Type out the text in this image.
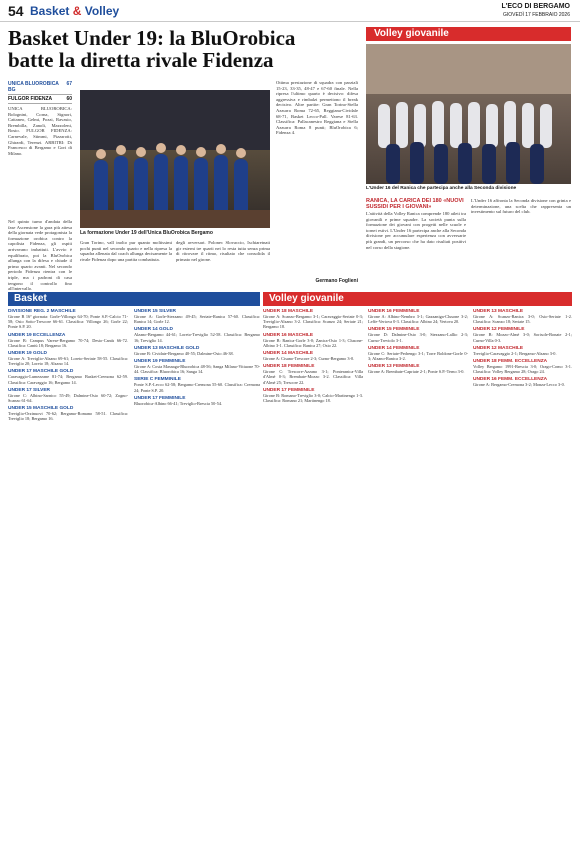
54 Basket & Volley	L'ECO DI BERGAMO
GIOVEDÌ 17 FEBBRAIO 2026
Basket Under 19: la BluOrobica
batte la diretta rivale Fidenza
UNICA BLUOROBICA BG
67
FULGOR FIDENZA	60
UNICA BLUOROBICA: Bolognini, Corna, Signori, Cattaneo, Gelmi, Pozzi, Ravasio, Brembilla, Zanoli, Mazzoleni, Bosio. FULGOR FIDENZA: Carnevale, Stimmi, Pizzarotti, Ghirardi, Terenzi. ARBITRI: Di Francesco di Bergamo e Gori di Milano.
Nel quinto turno d'andata della fase Ascensione la gara più attesa della giornata vede protagonista la formazione orobica contro la capolista Fidenza, gli ospiti arrivavano imbattuti. L'avvio è equilibrato, poi la BluOrobica allunga con la difesa e chiude il primo quarto avanti. Nel secondo periodo Fidenza rientra con le triple, ma i padroni di casa tengono il controllo fino all'intervallo.
La formazione Under 19 dell'Unica BluOrobica Bergamo
Gran Torino, vall inolto pur quanto moltissimi pochi punti nel secondo quarto e nella ripresa la squadra allenata dal coach allunga decisamente la rivale Fidenza dopo una partita combattuta.
degli avversari. Polonec Slovaccio, Ischiaretnati gir esterni tre quarti nei lo resta tutta senza prima di ritrovare il ritmo, risultato che consolida il primato nel girone.
Ottima prestazione di squadra con parziali 15-23, 33-35, 48-47 e 67-60 finale. Nella ripresa l'ultimo quarto è decisivo: difesa aggressiva e rimbalzi permettono il break decisivo. Altre partite: Gran Torino-Stella Azzurra Roma 72-65, Reggiana-Cividale 68-71, Basket Lecco-Pall. Varese 81-63. Classifica: Pallacanestro Reggiana e Stella Azzurra Roma 8 punti; BluOrobica 6; Fidenza 4.
Germano Foglieni
Volley giovanile
L'Under 16 del Ranica che partecipa anche alla Seconda divisione
RANICA, LA CARICA DEI 180 «NUOVI SUSSIDI PER I GIOVANI»
L'attività della Volley Ranica comprende 180 atleti tra giovanili e prime squadre. La società punta sulla formazione dei giovani con progetti nelle scuole e tornei estivi. L'Under 16 partecipa anche alla Seconda divisione per accumulare esperienza con avversarie più grandi, un percorso che ha dato risultati positivi nel corso della stagione.
L'Under 16 affronta la Seconda divisione con grinta e determinazione, una scelta che rappresenta un investimento sul futuro del club.
Basket	Volley giovanile
DIVISIONE REG. 2 MASCHILE
Girone B 16ª giornata: Gorle-Villongo 64-70; Ponte S.P.-Calcio 71-58; Osio Sotto-Trescore 66-61. Classifica: Villongo 26; Gorle 22; Ponte S.P. 20.
UNDER 19 ECCELLENZA
Girone B: Campus Varese-Bergamo 70-74; Desio-Cantù 66-72. Classifica: Cantù 18; Bergamo 16.
UNDER 19 GOLD
Girone A: Treviglio-Alzano 69-61; Loreto-Seriate 58-55. Classifica: Treviglio 20; Loreto 18; Alzano 14.
UNDER 17 MASCHILE GOLD
Caravaggio-Lumezzane 81-74; Bergamo Basket-Cremona 62-59. Classifica: Caravaggio 16; Bergamo 14.
UNDER 17 SILVER
Girone C: Albino-Sarnico 55-49; Dalmine-Osio 60-72; Zogno-Scanzo 61-64.
UNDER 15 MASCHILE GOLD
Treviglio-Orzinuovi 70-62; Bergamo-Romano 58-51. Classifica: Treviglio 18; Bergamo 16.
UNDER 15 SILVER
Girone A: Gorle-Stezzano 49-45; Seriate-Ranica 57-60. Classifica: Ranica 14; Gorle 12.
UNDER 14 GOLD
Alzano-Bergamo 44-61; Loreto-Treviglio 52-58. Classifica: Bergamo 16; Treviglio 14.
UNDER 13 MASCHILE GOLD
Girone B: Cividate-Bergamo 40-55; Dalmine-Osio 46-38.
UNDER 19 FEMMINILE
Girone A: Costa Masnaga-Bluorobica 48-56; Sanga Milano-Vittuone 70-44. Classifica: Bluorobica 16; Sanga 14.
SERIE C FEMMINILE
Ponte S.P.-Lecco 62-58; Bergamo-Cremona 55-60. Classifica: Cremona 24; Ponte S.P. 20.
UNDER 17 FEMMINILE
Bluorobica-Albino 66-41; Treviglio-Brescia 50-54.
UNDER 18 MASCHILE
Girone A: Scanzo-Bergamo 3-1; Caravaggio-Seriate 0-3; Treviglio-Alzano 3-2. Classifica: Scanzo 24; Seriate 21; Bergamo 18.
UNDER 16 MASCHILE
Girone B: Ranica-Gorle 3-0; Zanica-Osio 1-3; Clusone-Albino 3-1. Classifica: Ranica 27; Osio 22.
UNDER 14 MASCHILE
Girone A: Cisano-Trescore 2-3; Curno-Bergamo 3-0.
UNDER 18 FEMMINILE
Girone C: Trescore-Azzano 3-1; Ponteranica-Villa d'Almè 0-3; Brembate-Mozzo 3-2. Classifica: Villa d'Almè 25; Trescore 22.
UNDER 17 FEMMINILE
Girone B: Romano-Treviglio 3-0; Calcio-Martinengo 1-3. Classifica: Romano 21; Martinengo 18.
UNDER 16 FEMMINILE
Girone A: Albino-Nembro 3-1; Gazzaniga-Clusone 3-2; Leffe-Vertova 0-3. Classifica: Albino 24; Vertova 20.
UNDER 15 FEMMINILE
Girone D: Dalmine-Osio 3-0; Stezzano-Lallio 2-3; Curno-Treviolo 3-1.
UNDER 14 FEMMINILE
Girone C: Seriate-Pedrengo 3-1; Torre Boldone-Gorle 0-3; Alzano-Ranica 3-2.
UNDER 13 FEMMINILE
Girone A: Brembate-Capriate 2-1; Ponte S.P.-Terno 3-0.
UNDER 13 MASCHILE
Girone A: Scanzo-Ranica 3-0; Osio-Seriate 1-2. Classifica: Scanzo 18; Seriate 15.
UNDER 12 FEMMINILE
Girone B: Mozzo-Almè 3-0; Sorisole-Bonate 2-1; Curno-Villa 0-3.
UNDER 12 MASCHILE
Treviglio-Caravaggio 2-1; Bergamo-Alzano 3-0.
UNDER 18 FEMM. ECCELLENZA
Volley Bergamo 1991-Brescia 3-0; Orago-Como 3-1. Classifica: Volley Bergamo 28; Orago 24.
UNDER 16 FEMM. ECCELLENZA
Girone A: Bergamo-Cremona 3-2; Monza-Lecco 3-0.
